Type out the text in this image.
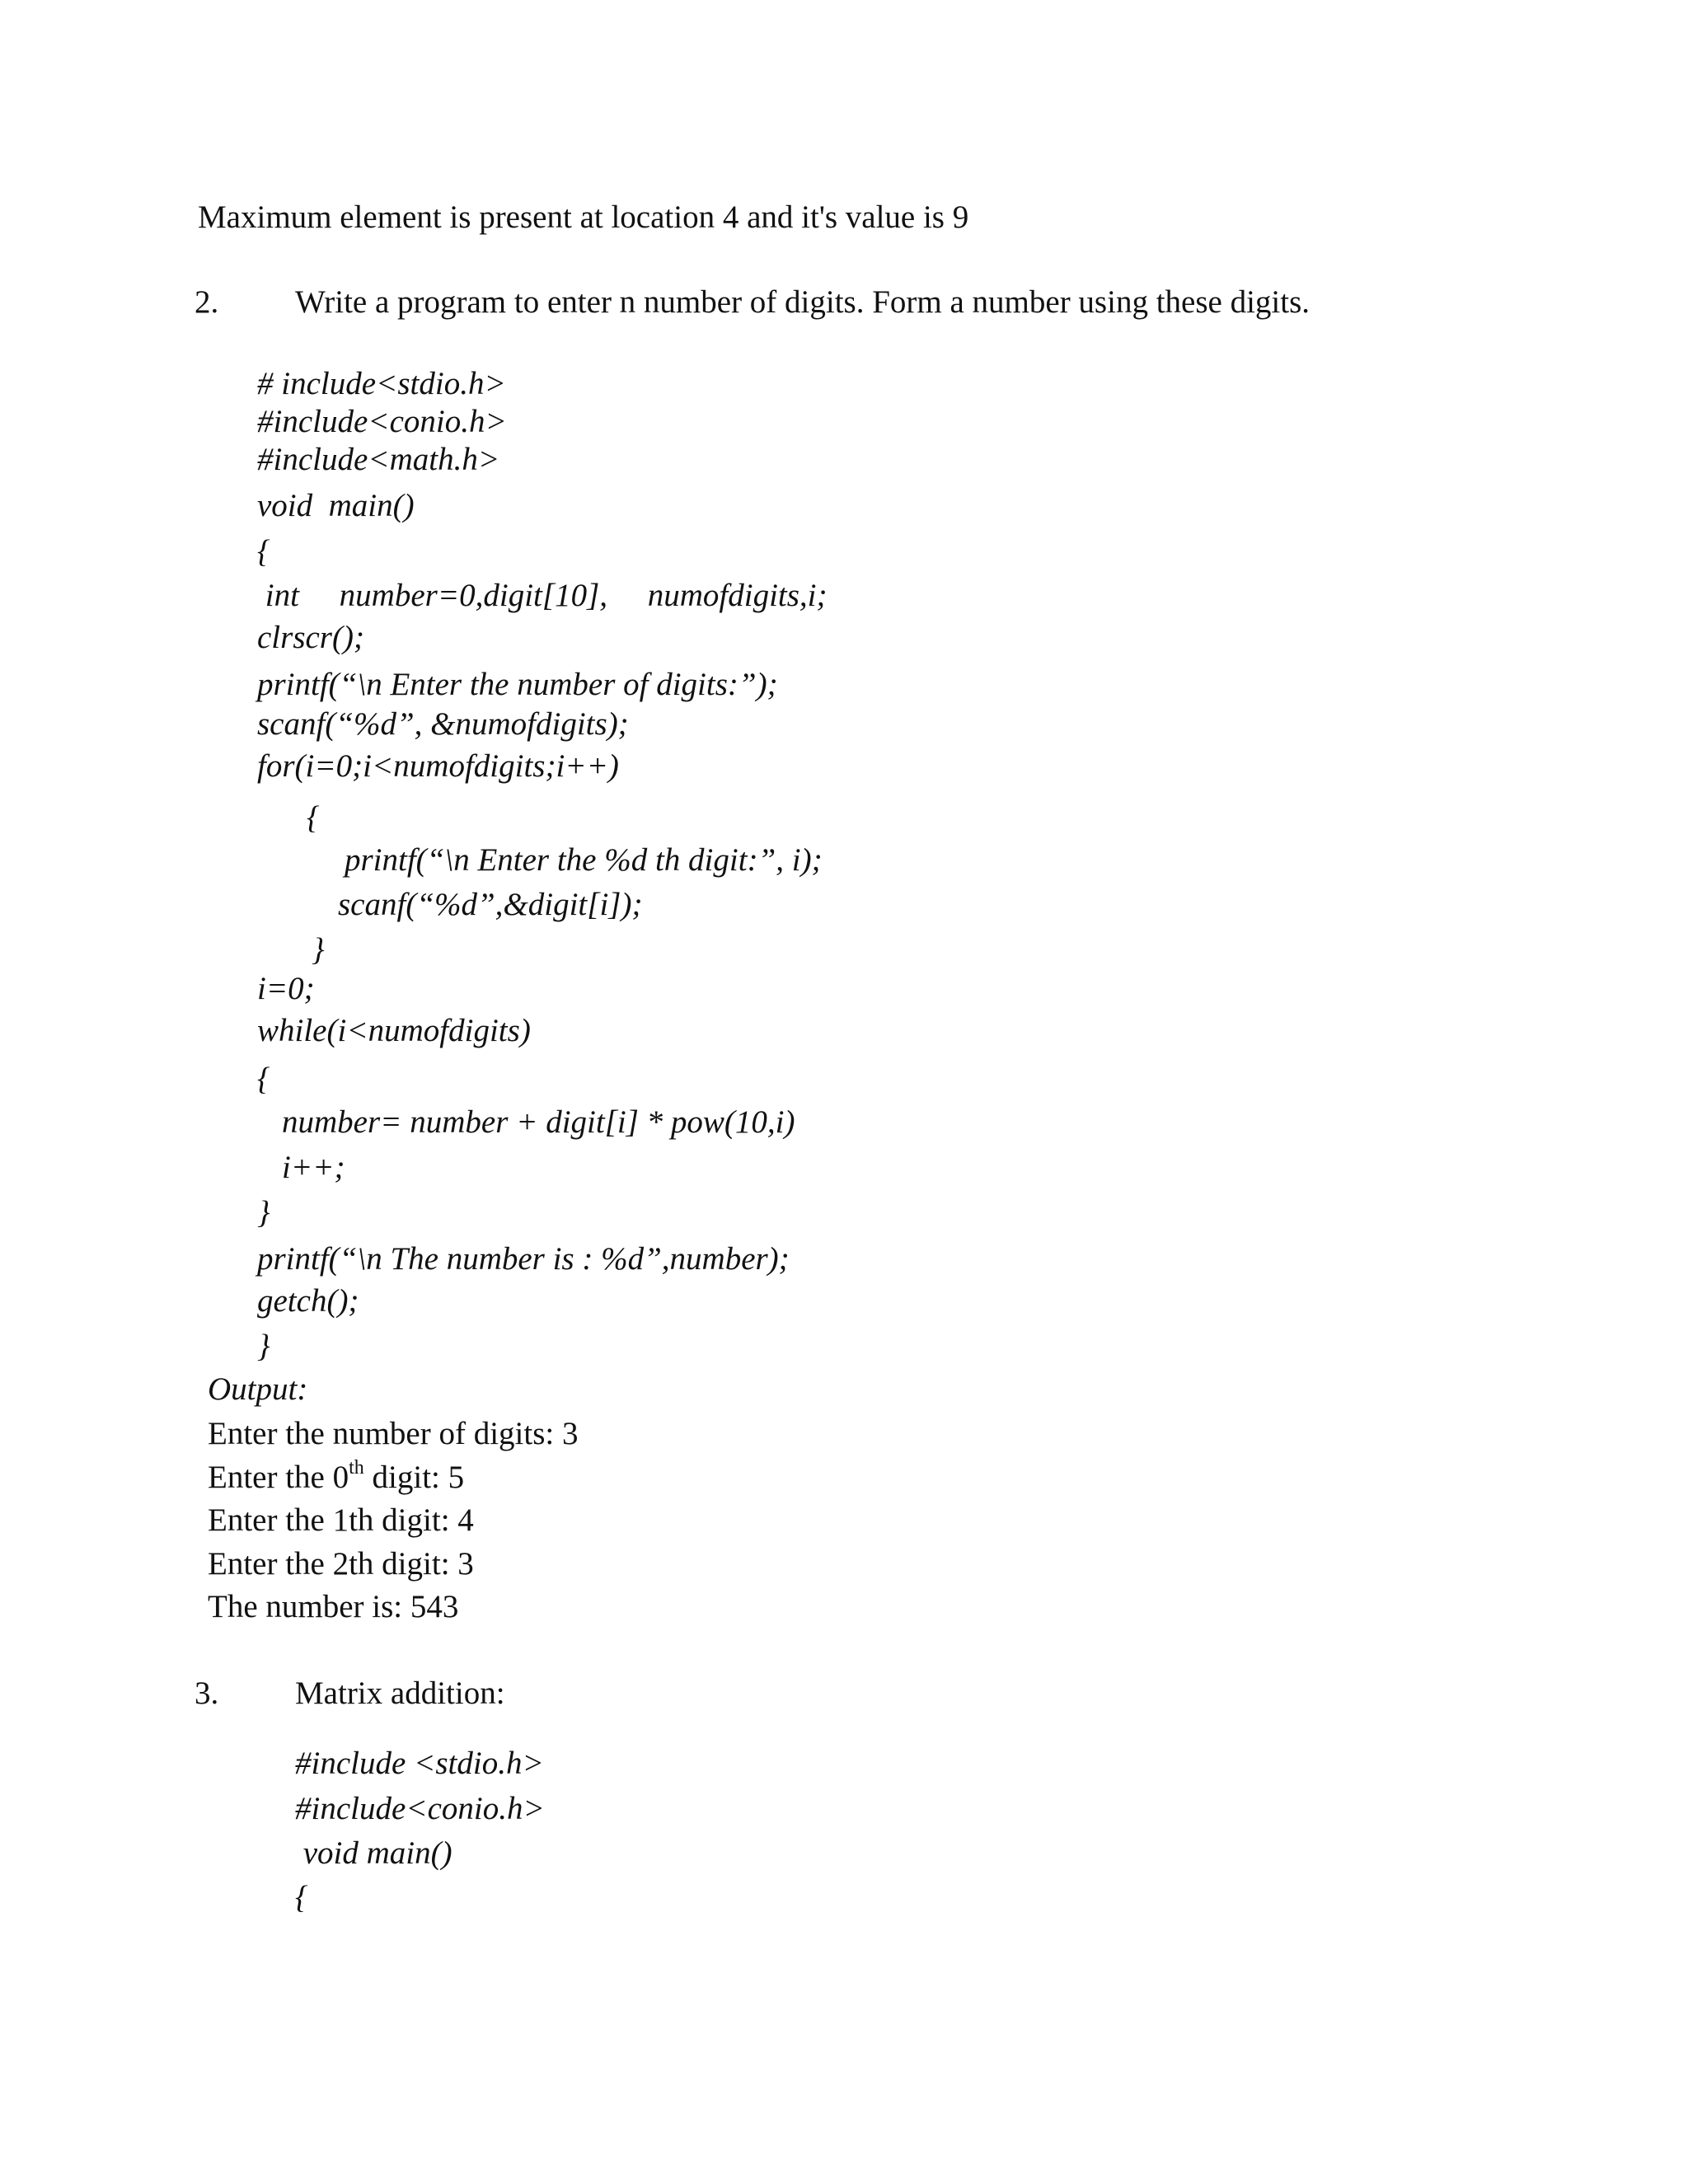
Maximum element is present at location 4 and it's value is 9
2. Write a program to enter n number of digits. Form a number using these digits.
# include<stdio.h>
#include<conio.h>
#include<math.h>
void  main()
{
int     number=0,digit[10],     numofdigits,i;
clrscr();
printf(“\n Enter the number of digits:”);
scanf(“%d”, &numofdigits);
for(i=0;i<numofdigits;i++)
{
printf(“\n Enter the %d th digit:”, i);
scanf(“%d”,&digit[i]);
}
i=0;
while(i<numofdigits)
{
number= number + digit[i] * pow(10,i)
i++;
}
printf(“\n The number is : %d”,number);
getch();
}
Output:
Enter the number of digits: 3
Enter the 0th digit: 5
Enter the 1th digit: 4
Enter the 2th digit: 3
The number is: 543
3. Matrix addition:
#include <stdio.h>
#include<conio.h>
void main()
{
